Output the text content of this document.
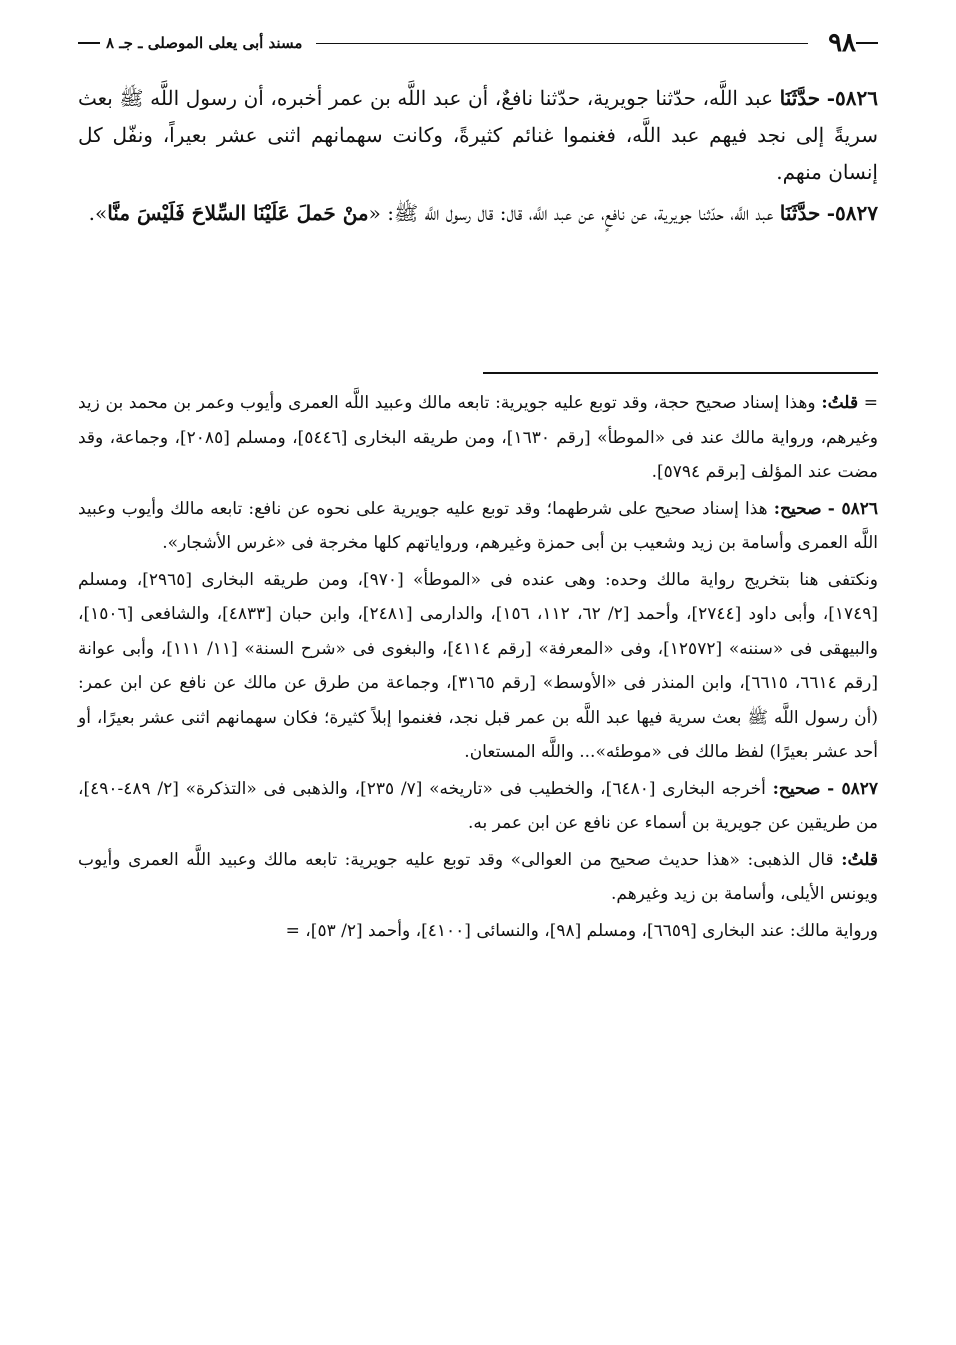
٩٨
مسند أبى يعلى الموصلى ـ جـ ٨

٥٨٢٦- حدَّثَنَا عبد اللَّه، حدّثنا جويرية، حدّثنا نافعٌ، أن عبد اللَّه بن عمر أخبره، أن رسول اللَّه ﷺ بعث سريةً إلى نجد فيهم عبد اللَّه، فغنموا غنائم كثيرةً، وكانت سهمانهم اثنى عشر بعيراً، ونفّل كل إنسان منهم.

٥٨٢٧- حدَّثَنَا عبد اللَّه، حدّثنا جويرية، عن نافعٍ، عن عبد اللَّه، قال: قال رسول اللَّه ﷺ: «منْ حَملَ عَلَيْنَا السِّلاحَ فَلَيْسَ منَّا».

= قلتُ: وهذا إسناد صحيح حجة، وقد توبع عليه جويرية: تابعه مالك وعبيد اللَّه العمرى وأيوب وعمر بن محمد بن زيد وغيرهم، ورواية مالك عند فى «الموطأ» [رقم ١٦٣٠]، ومن طريقه البخارى [٥٤٤٦]، ومسلم [٢٠٨٥]، وجماعة، وقد مضت عند المؤلف [برقم ٥٧٩٤].

٥٨٢٦ - صحيح: هذا إسناد صحيح على شرطهما؛ وقد توبع عليه جويرية على نحوه عن نافع: تابعه مالك وأيوب وعبيد اللَّه العمرى وأسامة بن زيد وشعيب بن أبى حمزة وغيرهم، ورواياتهم كلها مخرجة فى «غرس الأشجار».

ونكتفى هنا بتخريج رواية مالك وحده: وهى عنده فى «الموطأ» [٩٧٠]، ومن طريقه البخارى [٢٩٦٥]، ومسلم [١٧٤٩]، وأبى داود [٢٧٤٤]، وأحمد [٢/ ٦٢، ١١٢، ١٥٦]، والدارمى [٢٤٨١]، وابن حبان [٤٨٣٣]، والشافعى [١٥٠٦]، والبيهقى فى «سننه» [١٢٥٧٢]، وفى «المعرفة» [رقم ٤١١٤]، والبغوى فى «شرح السنة» [١١/ ١١١]، وأبى عوانة [رقم ٦٦١٤، ٦٦١٥]، وابن المنذر فى «الأوسط» [رقم ٣١٦٥]، وجماعة من طرق عن مالك عن نافع عن ابن عمر: (أن رسول اللَّه ﷺ بعث سرية فيها عبد اللَّه بن عمر قبل نجد، فغنموا إبلاً كثيرة؛ فكان سهمانهم اثنى عشر بعيرًا، أو أحد عشر بعيرًا) لفظ مالك فى «موطئه»... واللَّه المستعان.

٥٨٢٧ - صحيح: أخرجه البخارى [٦٤٨٠]، والخطيب فى «تاريخه» [٧/ ٢٣٥]، والذهبى فى «التذكرة» [٢/ ٤٨٩-٤٩٠]، من طريقين عن جويرية بن أسماء عن نافع عن ابن عمر به.

قلتُ: قال الذهبى: «هذا حديث صحيح من العوالى» وقد توبع عليه جويرية: تابعه مالك وعبيد اللَّه العمرى وأيوب ويونس الأيلى، وأسامة بن زيد وغيرهم.

ورواية مالك: عند البخارى [٦٦٥٩]، ومسلم [٩٨]، والنسائى [٤١٠٠]، وأحمد [٢/ ٥٣]، =
